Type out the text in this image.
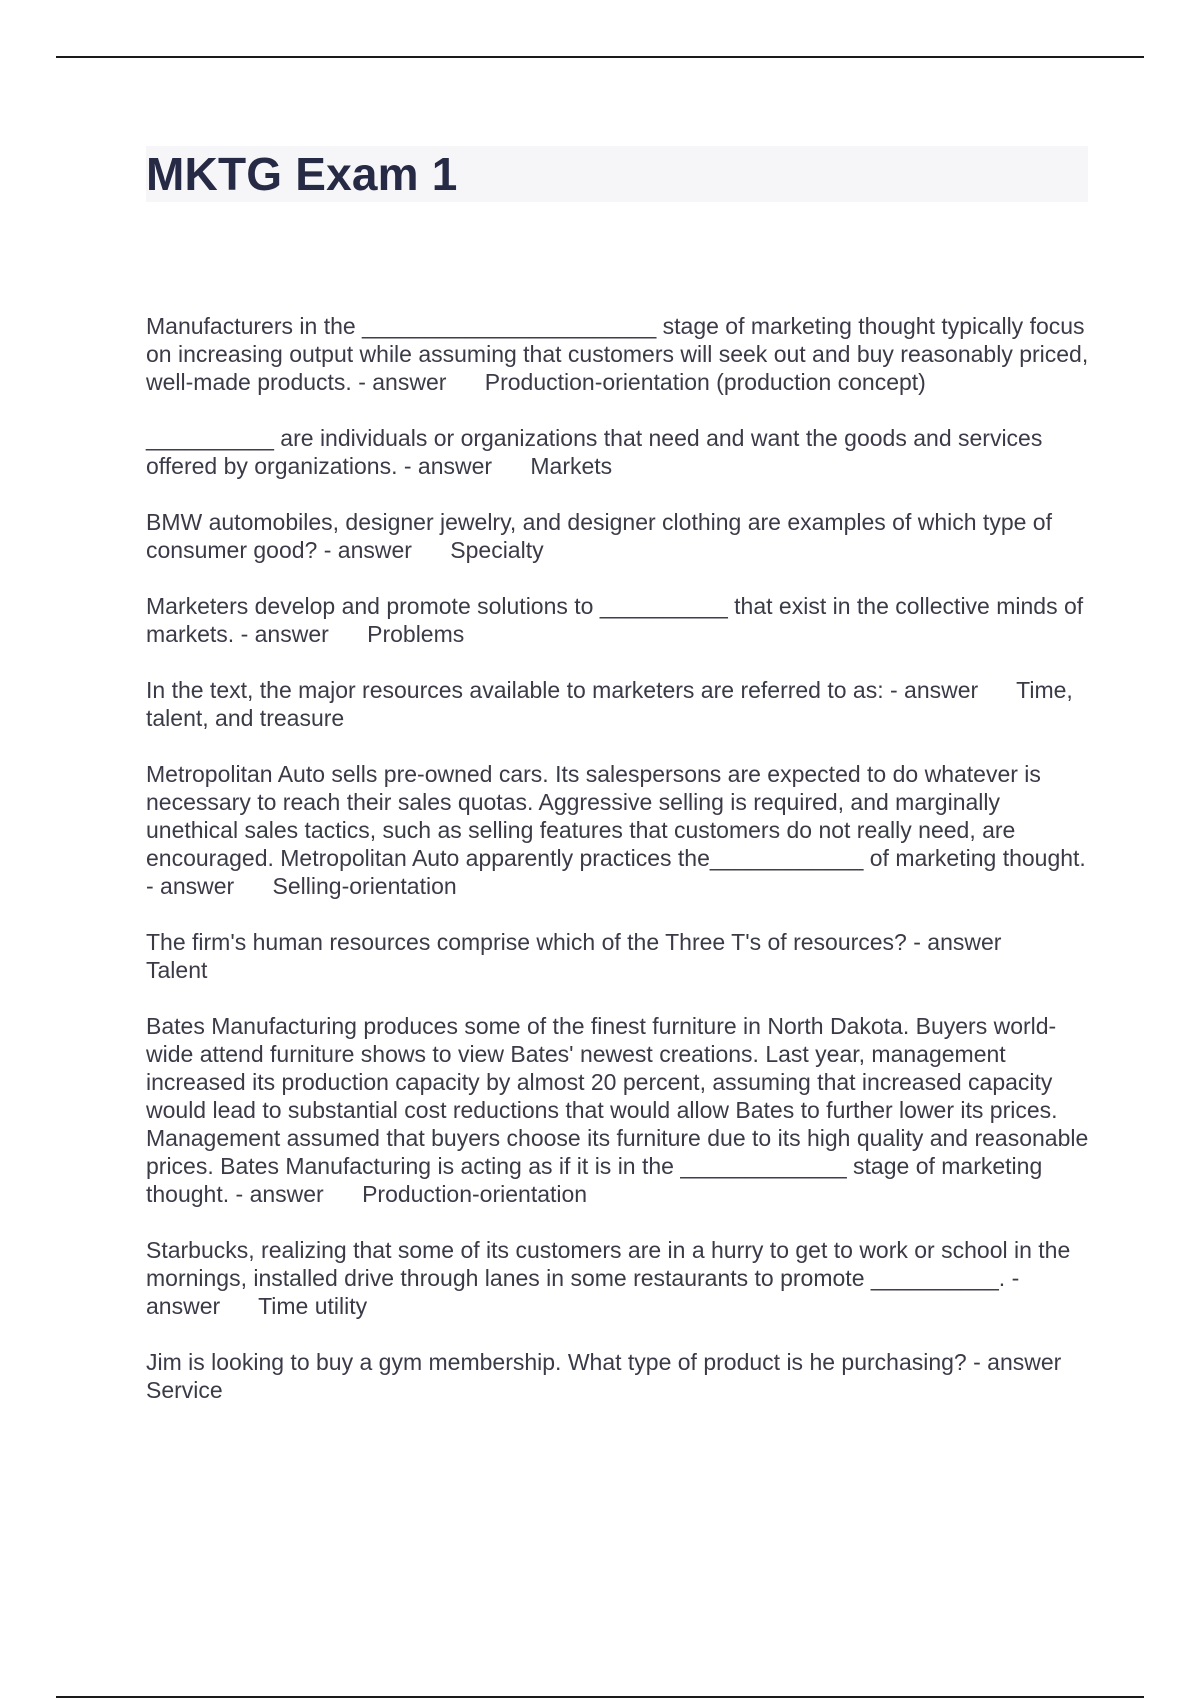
MKTG Exam 1

Manufacturers in the _______________________ stage of marketing thought typically focus on increasing output while assuming that customers will seek out and buy reasonably priced, well-made products. - answer Production-orientation (production concept)

__________ are individuals or organizations that need and want the goods and services offered by organizations. - answer Markets

BMW automobiles, designer jewelry, and designer clothing are examples of which type of consumer good? - answer Specialty

Marketers develop and promote solutions to __________ that exist in the collective minds of markets. - answer Problems

In the text, the major resources available to marketers are referred to as: - answer Time, talent, and treasure

Metropolitan Auto sells pre-owned cars. Its salespersons are expected to do whatever is necessary to reach their sales quotas. Aggressive selling is required, and marginally unethical sales tactics, such as selling features that customers do not really need, are encouraged. Metropolitan Auto apparently practices the____________ of marketing thought. - answer Selling-orientation

The firm's human resources comprise which of the Three T's of resources? - answer      Talent

Bates Manufacturing produces some of the finest furniture in North Dakota. Buyers world-wide attend furniture shows to view Bates' newest creations. Last year, management increased its production capacity by almost 20 percent, assuming that increased capacity would lead to substantial cost reductions that would allow Bates to further lower its prices. Management assumed that buyers choose its furniture due to its high quality and reasonable prices. Bates Manufacturing is acting as if it is in the _____________ stage of marketing thought. - answer Production-orientation

Starbucks, realizing that some of its customers are in a hurry to get to work or school in the mornings, installed drive through lanes in some restaurants to promote __________. - answer Time utility

Jim is looking to buy a gym membership. What type of product is he purchasing? - answer      Service
